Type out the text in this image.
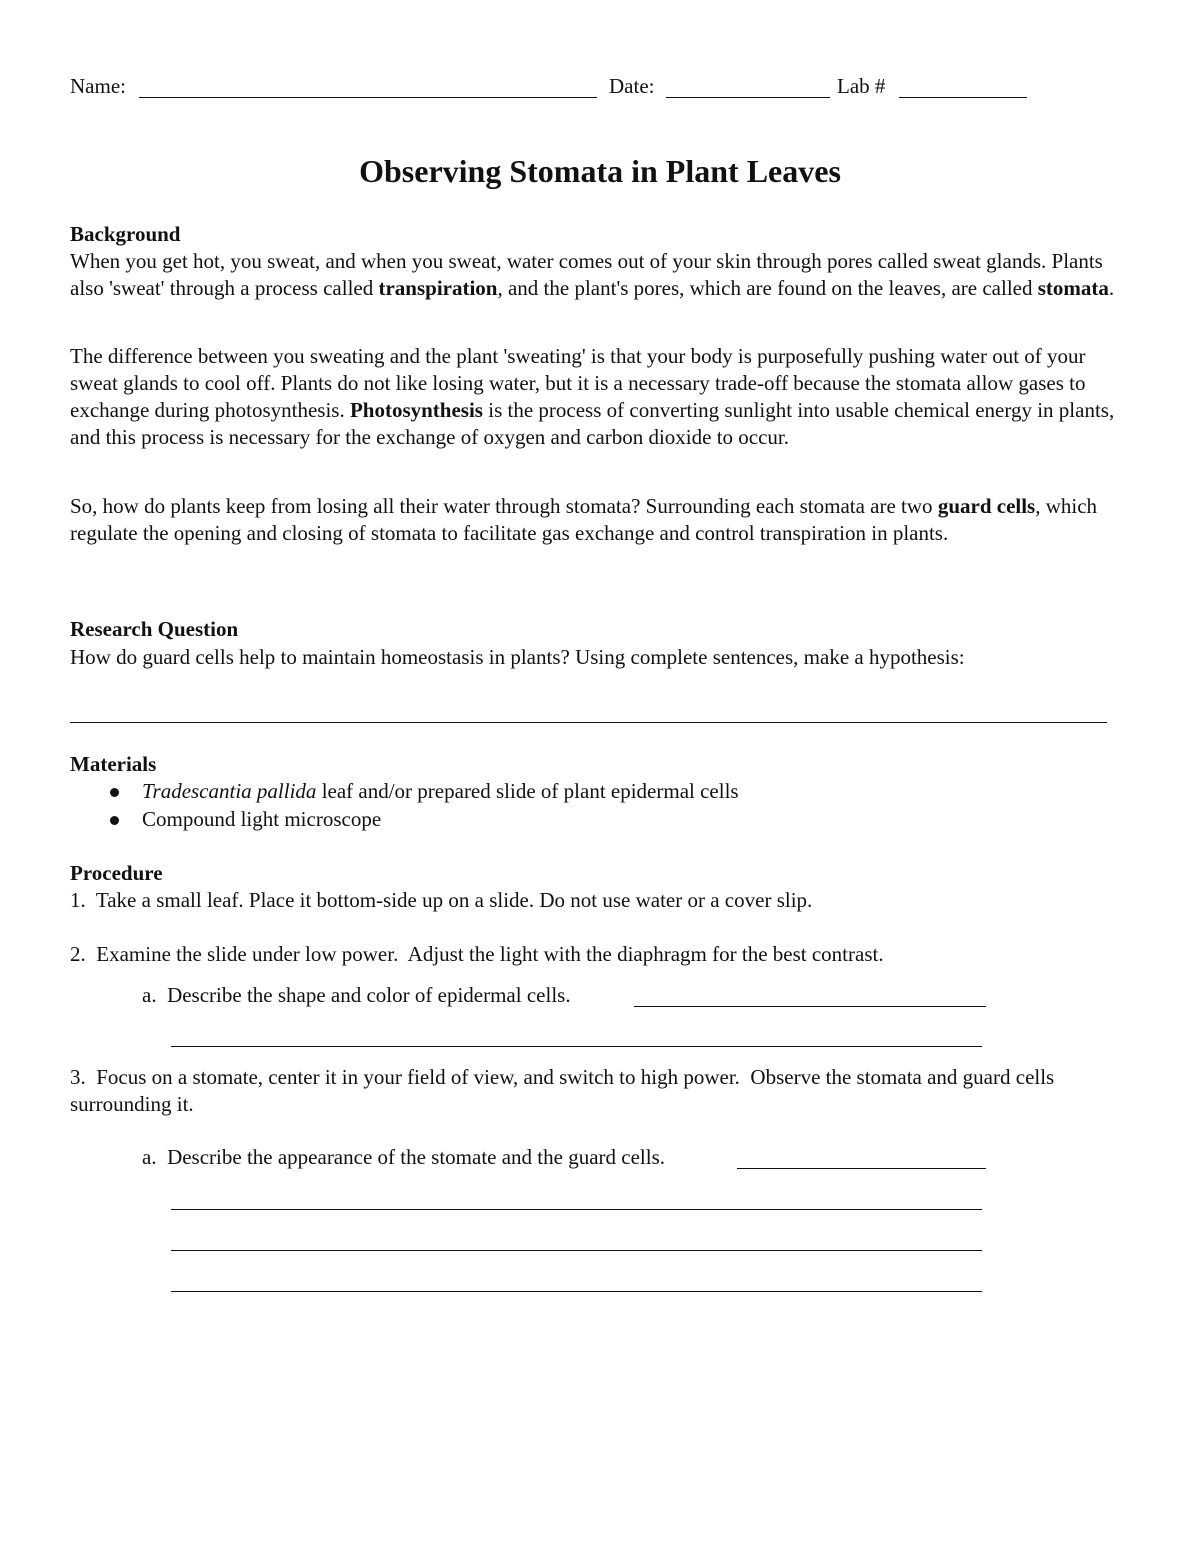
Name:	Date:	Lab #
Observing Stomata in Plant Leaves
Background

When you get hot, you sweat, and when you sweat, water comes out of your skin through pores called sweat glands. Plants also 'sweat' through a process called transpiration, and the plant's pores, which are found on the leaves, are called stomata.

The difference between you sweating and the plant 'sweating' is that your body is purposefully pushing water out of your sweat glands to cool off. Plants do not like losing water, but it is a necessary trade-off because the stomata allow gases to exchange during photosynthesis. Photosynthesis is the process of converting sunlight into usable chemical energy in plants, and this process is necessary for the exchange of oxygen and carbon dioxide to occur.

So, how do plants keep from losing all their water through stomata? Surrounding each stomata are two guard cells, which regulate the opening and closing of stomata to facilitate gas exchange and control transpiration in plants.

Research Question
How do guard cells help to maintain homeostasis in plants? Using complete sentences, make a hypothesis:
Materials
Tradescantia pallida leaf and/or prepared slide of plant epidermal cells
Compound light microscope
Procedure
1.  Take a small leaf. Place it bottom-side up on a slide. Do not use water or a cover slip.
2.  Examine the slide under low power.  Adjust the light with the diaphragm for the best contrast.
a.  Describe the shape and color of epidermal cells.
3.  Focus on a stomate, center it in your field of view, and switch to high power.  Observe the stomata and guard cells surrounding it.
a.  Describe the appearance of the stomate and the guard cells.
